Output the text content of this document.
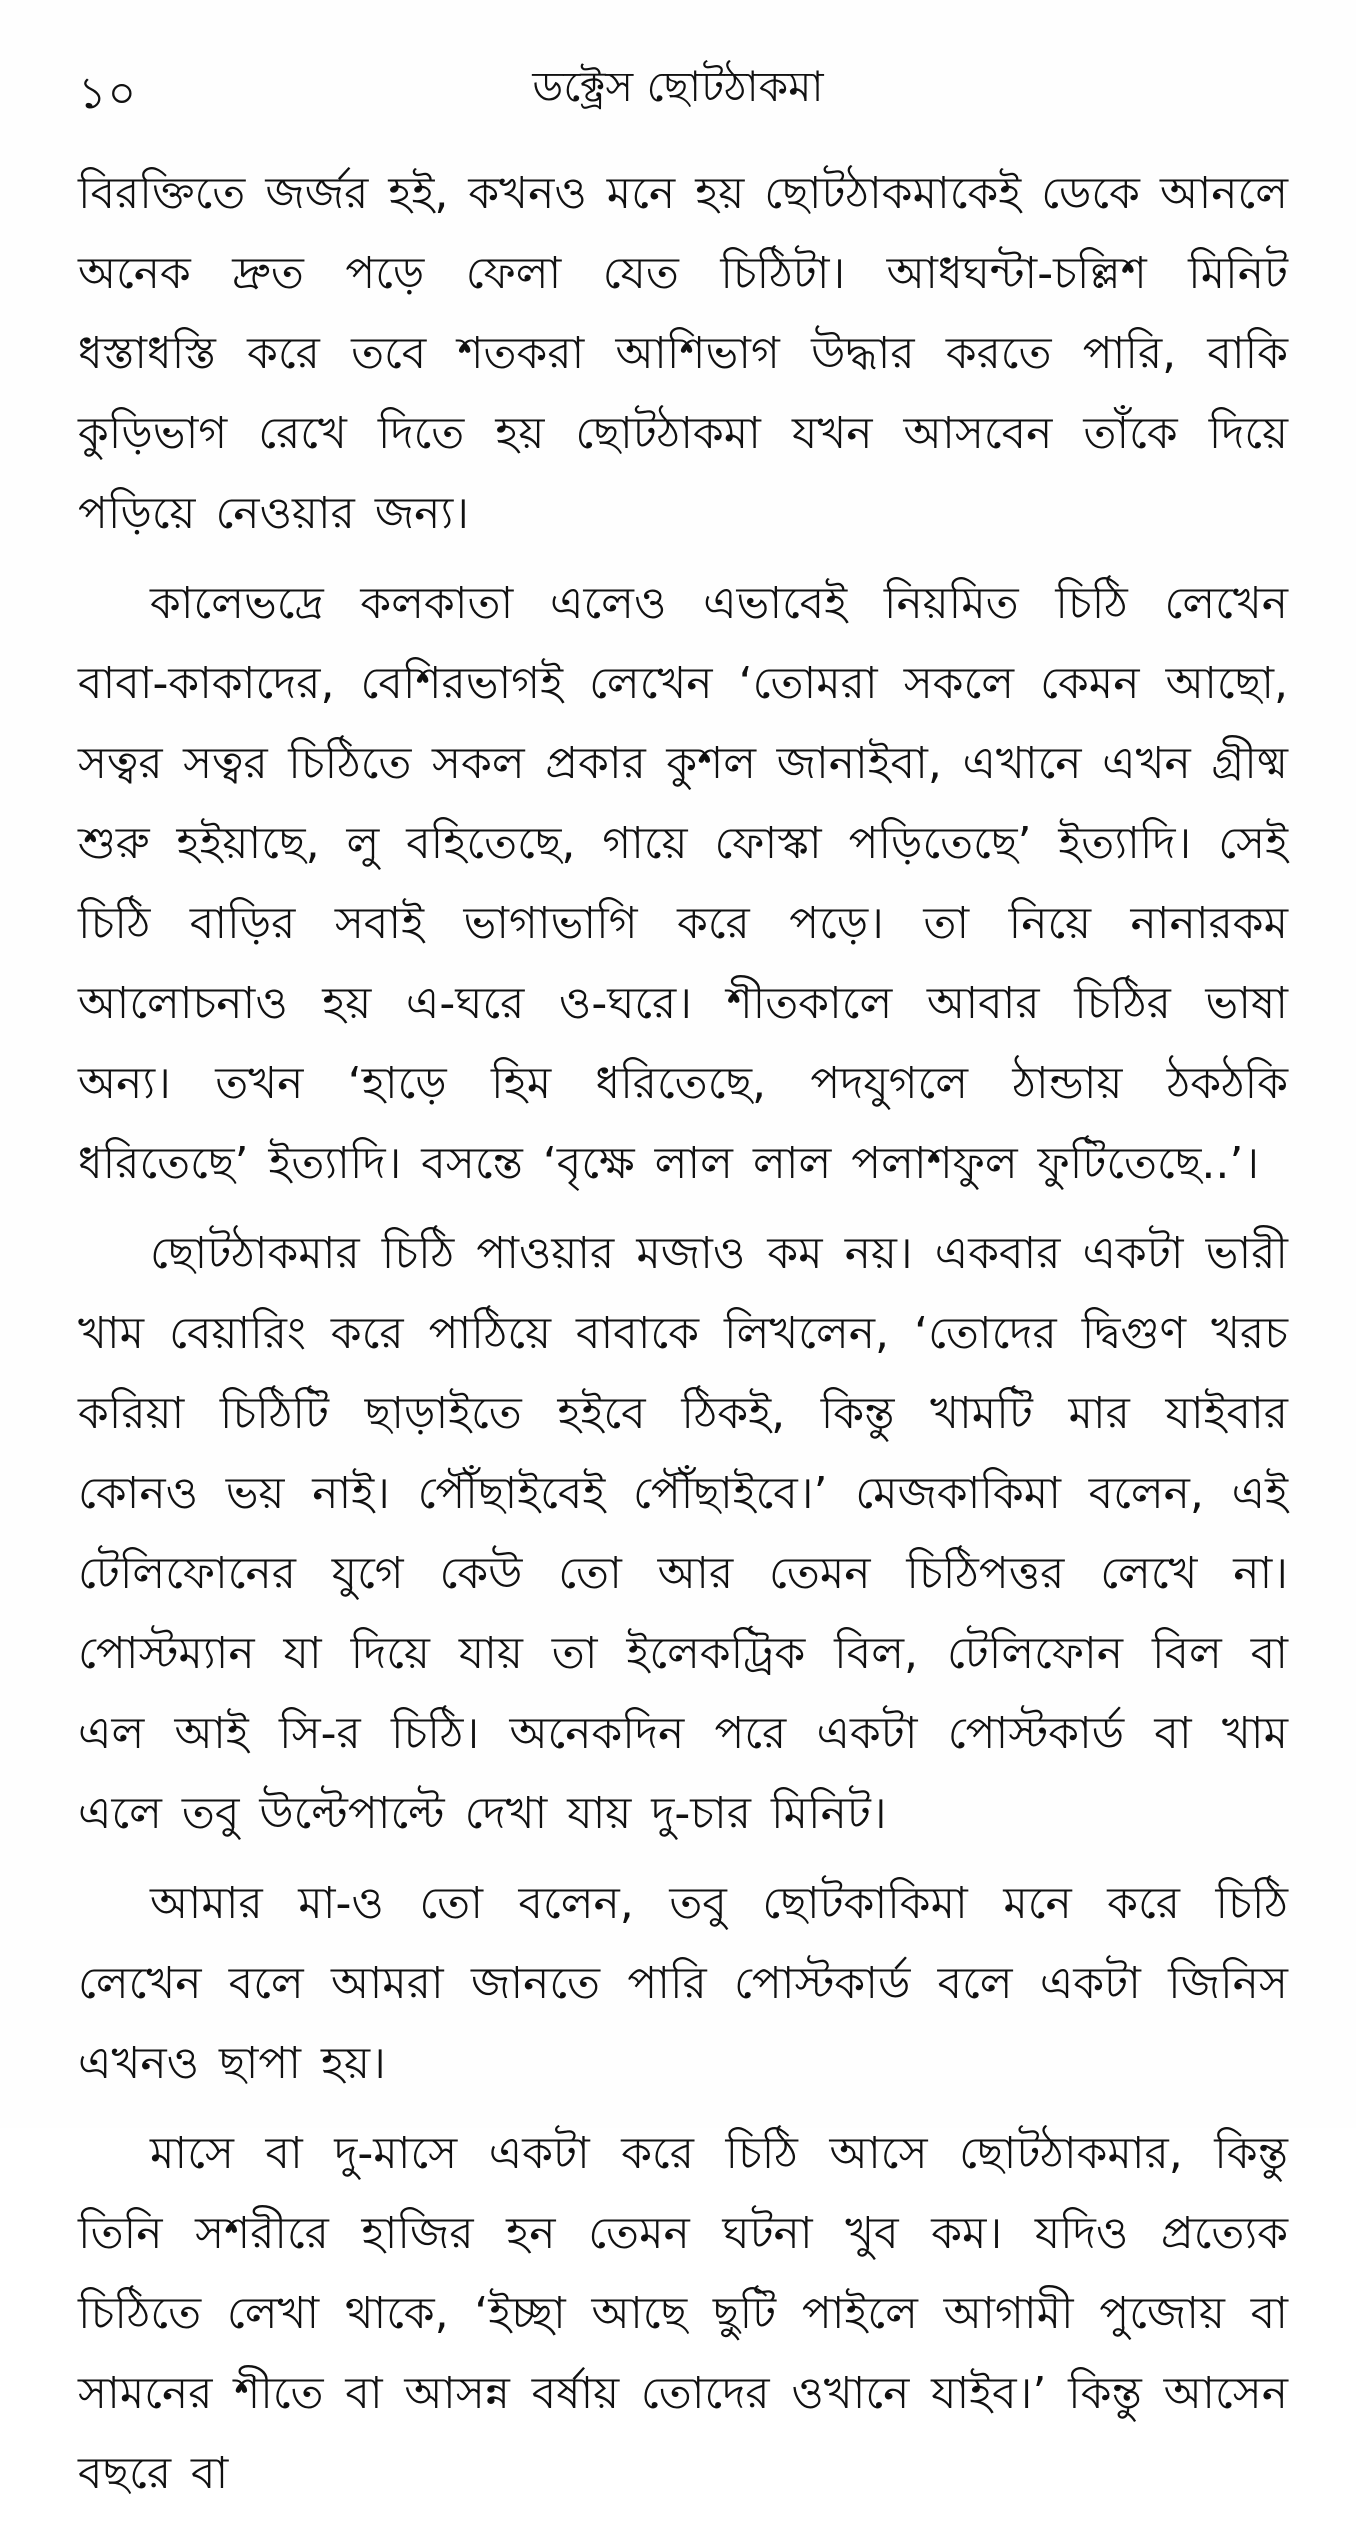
১০	ডক্ট্রেস ছোটঠাকমা

বিরক্তিতে জর্জর হই, কখনও মনে হয় ছোটঠাকমাকেই ডেকে আনলে অনেক দ্রুত পড়ে ফেলা যেত চিঠিটা। আধঘন্টা-চল্লিশ মিনিট ধস্তাধস্তি করে তবে শতকরা আশিভাগ উদ্ধার করতে পারি, বাকি কুড়িভাগ রেখে দিতে হয় ছোটঠাকমা যখন আসবেন তাঁকে দিয়ে পড়িয়ে নেওয়ার জন্য।

কালেভদ্রে কলকাতা এলেও এভাবেই নিয়মিত চিঠি লেখেন বাবা-কাকাদের, বেশিরভাগই লেখেন ‘তোমরা সকলে কেমন আছো, সত্বর সত্বর চিঠিতে সকল প্রকার কুশল জানাইবা, এখানে এখন গ্রীষ্ম শুরু হইয়াছে, লু বহিতেছে, গায়ে ফোস্কা পড়িতেছে’ ইত্যাদি। সেই চিঠি বাড়ির সবাই ভাগাভাগি করে পড়ে। তা নিয়ে নানারকম আলোচনাও হয় এ-ঘরে ও-ঘরে। শীতকালে আবার চিঠির ভাষা অন্য। তখন ‘হাড়ে হিম ধরিতেছে, পদযুগলে ঠান্ডায় ঠকঠকি ধরিতেছে’ ইত্যাদি। বসন্তে ‘বৃক্ষে লাল লাল পলাশফুল ফুটিতেছে..’।

ছোটঠাকমার চিঠি পাওয়ার মজাও কম নয়। একবার একটা ভারী খাম বেয়ারিং করে পাঠিয়ে বাবাকে লিখলেন, ‘তোদের দ্বিগুণ খরচ করিয়া চিঠিটি ছাড়াইতে হইবে ঠিকই, কিন্তু খামটি মার যাইবার কোনও ভয় নাই। পৌঁছাইবেই পৌঁছাইবে।’ মেজকাকিমা বলেন, এই টেলিফোনের যুগে কেউ তো আর তেমন চিঠিপত্তর লেখে না। পোস্টম্যান যা দিয়ে যায় তা ইলেকট্রিক বিল, টেলিফোন বিল বা এল আই সি-র চিঠি। অনেকদিন পরে একটা পোস্টকার্ড বা খাম এলে তবু উল্টেপাল্টে দেখা যায় দু-চার মিনিট।

আমার মা-ও তো বলেন, তবু ছোটকাকিমা মনে করে চিঠি লেখেন বলে আমরা জানতে পারি পোস্টকার্ড বলে একটা জিনিস এখনও ছাপা হয়।

মাসে বা দু-মাসে একটা করে চিঠি আসে ছোটঠাকমার, কিন্তু তিনি সশরীরে হাজির হন তেমন ঘটনা খুব কম। যদিও প্রত্যেক চিঠিতে লেখা থাকে, ‘ইচ্ছা আছে ছুটি পাইলে আগামী পুজোয় বা সামনের শীতে বা আসন্ন বর্ষায় তোদের ওখানে যাইব।’ কিন্তু আসেন বছরে বা
